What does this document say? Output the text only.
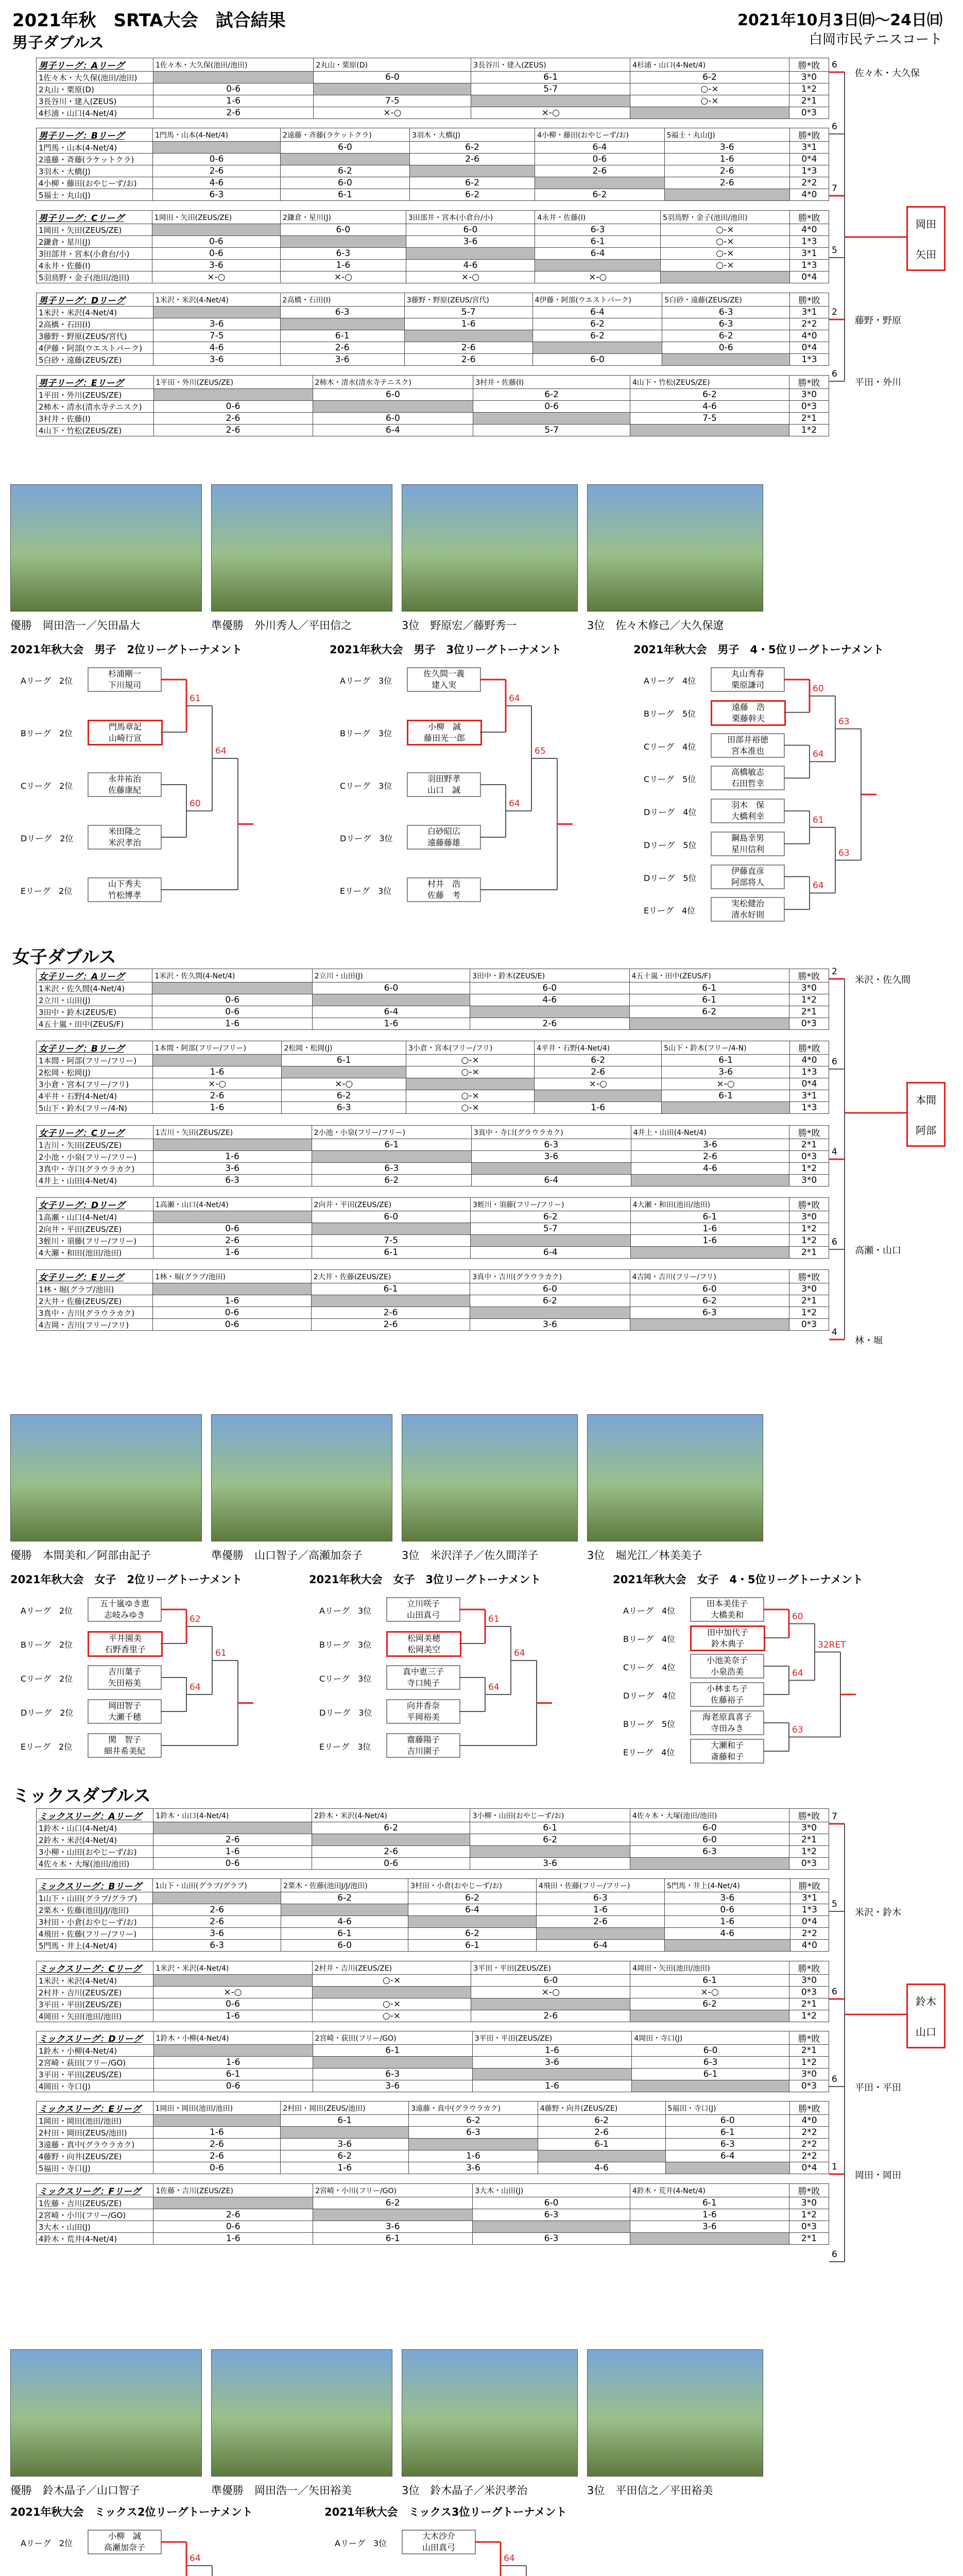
2021年秋　SRTA大会　試合結果
男子ダブルス
2021年10月3日㈰～24日㈰
白岡市民テニスコート
女子ダブルス
ミックスダブルス
男子リーグ：Aリーグ	1佐々木・大久保(池田/池田)	2丸山・栗原(D)	3長谷川・建入(ZEUS)	4杉浦・山口(4-Net/4)	勝*敗
1佐々木・大久保(池田/池田)		6-0	6-1	6-2	3*0
2丸山・栗原(D)	0-6		5-7	○-×	1*2
3長谷川・建入(ZEUS)	1-6	7-5		○-×	2*1
4杉浦・山口(4-Net/4)	2-6	×-○	×-○		0*3
男子リーグ：Bリーグ	1門馬・山本(4-Net/4)	2遠藤・斉藤(ラケットクラ)	3羽木・大橋(J)	4小柳・藤田(おやじーず/お)	5福士・丸山(J)	勝*敗
1門馬・山本(4-Net/4)		6-0	6-2	6-4	3-6	3*1
2遠藤・斉藤(ラケットクラ)	0-6		2-6	0-6	1-6	0*4
3羽木・大橋(J)	2-6	6-2		2-6	2-6	1*3
4小柳・藤田(おやじーず/お)	4-6	6-0	6-2		2-6	2*2
5福士・丸山(J)	6-3	6-1	6-2	6-2		4*0
男子リーグ：Cリーグ	1岡田・矢田(ZEUS/ZE)	2鎌倉・星川(J)	3田部井・宮本(小倉台/小)	4永井・佐藤(I)	5羽鳥野・金子(池田/池田)	勝*敗
1岡田・矢田(ZEUS/ZE)		6-0	6-0	6-3	○-×	4*0
2鎌倉・星川(J)	0-6		3-6	6-1	○-×	1*3
3田部井・宮本(小倉台/小)	0-6	6-3		6-4	○-×	3*1
4永井・佐藤(I)	3-6	1-6	4-6		○-×	1*3
5羽鳥野・金子(池田/池田)	×-○	×-○	×-○	×-○		0*4
男子リーグ：Dリーグ	1米沢・米沢(4-Net/4)	2高橋・石田(I)	3藤野・野原(ZEUS/宮代)	4伊藤・阿部(ウエストパーク)	5白砂・遠藤(ZEUS/ZE)	勝*敗
1米沢・米沢(4-Net/4)		6-3	5-7	6-4	6-3	3*1
2高橋・石田(I)	3-6		1-6	6-2	6-3	2*2
3藤野・野原(ZEUS/宮代)	7-5	6-1		6-2	6-2	4*0
4伊藤・阿部(ウエストパーク)	4-6	2-6	2-6		0-6	0*4
5白砂・遠藤(ZEUS/ZE)	3-6	3-6	2-6	6-0		1*3
男子リーグ：Eリーグ	1平田・外川(ZEUS/ZE)	2柿木・清水(清水寺テニスク)	3村井・佐藤(I)	4山下・竹松(ZEUS/ZE)	勝*敗
1平田・外川(ZEUS/ZE)		6-0	6-2	6-2	3*0
2柿木・清水(清水寺テニスク)	0-6		0-6	4-6	0*3
3村井・佐藤(I)	2-6	6-0		7-5	2*1
4山下・竹松(ZEUS/ZE)	2-6	6-4	5-7		1*2
女子リーグ：Aリーグ	1米沢・佐久間(4-Net/4)	2立川・山田(J)	3田中・鈴木(ZEUS/E)	4五十嵐・田中(ZEUS/F)	勝*敗
1米沢・佐久間(4-Net/4)		6-0	6-0	6-1	3*0
2立川・山田(J)	0-6		4-6	6-1	1*2
3田中・鈴木(ZEUS/E)	0-6	6-4		6-2	2*1
4五十嵐・田中(ZEUS/F)	1-6	1-6	2-6		0*3
女子リーグ：Bリーグ	1本間・阿部(フリー/フリー)	2松岡・松岡(J)	3小倉・宮本(フリー/フリ)	4平井・石野(4-Net/4)	5山下・鈴木(フリー/4-N)	勝*敗
1本間・阿部(フリー/フリー)		6-1	○-×	6-2	6-1	4*0
2松岡・松岡(J)	1-6		○-×	2-6	3-6	1*3
3小倉・宮本(フリー/フリ)	×-○	×-○		×-○	×-○	0*4
4平井・石野(4-Net/4)	2-6	6-2	○-×		6-1	3*1
5山下・鈴木(フリー/4-N)	1-6	6-3	○-×	1-6		1*3
女子リーグ：Cリーグ	1吉川・矢田(ZEUS/ZE)	2小池・小泉(フリー/フリー)	3真中・寺口(グラウラカク)	4井上・山田(4-Net/4)	勝*敗
1吉川・矢田(ZEUS/ZE)		6-1	6-3	3-6	2*1
2小池・小泉(フリー/フリー)	1-6		3-6	2-6	0*3
3真中・寺口(グラウラカク)	3-6	6-3		4-6	1*2
4井上・山田(4-Net/4)	6-3	6-2	6-4		3*0
女子リーグ：Dリーグ	1高瀬・山口(4-Net/4)	2向井・平田(ZEUS/ZE)	3蛭川・須藤(フリー/フリー)	4大瀬・和田(池田/池田)	勝*敗
1高瀬・山口(4-Net/4)		6-0	6-2	6-1	3*0
2向井・平田(ZEUS/ZE)	0-6		5-7	1-6	1*2
3蛭川・須藤(フリー/フリー)	2-6	7-5		1-6	1*2
4大瀬・和田(池田/池田)	1-6	6-1	6-4		2*1
女子リーグ：Eリーグ	1林・堀(グラブ/池田)	2大井・佐藤(ZEUS/ZE)	3真中・吉川(グラウラカク)	4吉岡・吉川(フリー/フリ)	勝*敗
1林・堀(グラブ/池田)		6-1	6-0	6-0	3*0
2大井・佐藤(ZEUS/ZE)	1-6		6-2	6-2	2*1
3真中・吉川(グラウラカク)	0-6	2-6		6-3	1*2
4吉岡・吉川(フリー/フリ)	0-6	2-6	3-6		0*3
ミックスリーグ：Aリーグ	1鈴木・山口(4-Net/4)	2鈴木・米沢(4-Net/4)	3小柳・山田(おやじーず/お)	4佐々木・大塚(池田/池田)	勝*敗
1鈴木・山口(4-Net/4)		6-2	6-1	6-0	3*0
2鈴木・米沢(4-Net/4)	2-6		6-2	6-0	2*1
3小柳・山田(おやじーず/お)	1-6	2-6		6-3	1*2
4佐々木・大塚(池田/池田)	0-6	0-6	3-6		0*3
ミックスリーグ：Bリーグ	1山下・山田(グラブ/グラブ)	2栗木・佐藤(池田J/J/池田)	3村田・小倉(おやじーず/お)	4飛田・佐藤(フリー/フリー)	5門馬・井上(4-Net/4)	勝*敗
1山下・山田(グラブ/グラブ)		6-2	6-2	6-3	3-6	3*1
2栗木・佐藤(池田J/J/池田)	2-6		6-4	1-6	0-6	1*3
3村田・小倉(おやじーず/お)	2-6	4-6		2-6	1-6	0*4
4飛田・佐藤(フリー/フリー)	3-6	6-1	6-2		4-6	2*2
5門馬・井上(4-Net/4)	6-3	6-0	6-1	6-4		4*0
ミックスリーグ：Cリーグ	1米沢・米沢(4-Net/4)	2村井・吉川(ZEUS/ZE)	3平田・平田(ZEUS/ZE)	4岡田・矢田(池田/池田)	勝*敗
1米沢・米沢(4-Net/4)		○-×	6-0	6-1	3*0
2村井・吉川(ZEUS/ZE)	×-○		×-○	×-○	0*3
3平田・平田(ZEUS/ZE)	0-6	○-×		6-2	2*1
4岡田・矢田(池田/池田)	1-6	○-×	2-6		1*2
ミックスリーグ：Dリーグ	1鈴木・小柳(4-Net/4)	2宮崎・荻田(フリー/GO)	3平田・平田(ZEUS/ZE)	4岡田・寺口(J)	勝*敗
1鈴木・小柳(4-Net/4)		6-1	1-6	6-0	2*1
2宮崎・荻田(フリー/GO)	1-6		3-6	6-3	1*2
3平田・平田(ZEUS/ZE)	6-1	6-3		6-1	3*0
4岡田・寺口(J)	0-6	3-6	1-6		0*3
ミックスリーグ：Eリーグ	1岡田・岡田(池田/池田)	2村田・岡田(ZEUS/池田)	3遠藤・真中(グラウラカク)	4藤野・向井(ZEUS/ZE)	5福田・寺口(J)	勝*敗
1岡田・岡田(池田/池田)		6-1	6-2	6-2	6-0	4*0
2村田・岡田(ZEUS/池田)	1-6		6-3	2-6	6-1	2*2
3遠藤・真中(グラウラカク)	2-6	3-6		6-1	6-3	2*2
4藤野・向井(ZEUS/ZE)	2-6	6-2	1-6		6-4	2*2
5福田・寺口(J)	0-6	1-6	3-6	4-6		0*4
ミックスリーグ：Fリーグ	1佐藤・吉川(ZEUS/ZE)	2宮崎・小川(フリー/GO)	3大木・山田(J)	4鈴木・荒井(4-Net/4)	勝*敗
1佐藤・吉川(ZEUS/ZE)		6-2	6-0	6-1	3*0
2宮崎・小川(フリー/GO)	2-6		6-3	1-6	1*2
3大木・山田(J)	0-6	3-6		3-6	0*3
4鈴木・荒井(4-Net/4)	1-6	6-1	6-3		2*1
優勝　岡田浩一／矢田晶大	準優勝　外川秀人／平田信之	3位　野原宏／藤野秀一	3位　佐々木修己／大久保遼
優勝　本間美和／阿部由記子	準優勝　山口智子／高瀬加奈子	3位　米沢洋子／佐久間洋子	3位　堀光江／林美美子
優勝　鈴木晶子／山口智子	準優勝　岡田浩一／矢田裕美	3位　鈴木晶子／米沢孝治	3位　平田信之／平田裕美
2021年秋大会　男子　2位リーグトーナメント
Aリーグ　2位
杉浦剛一
下川規司
Bリーグ　2位
門馬章記
山崎行宣
Cリーグ　2位
永井祐治
佐藤康紀
Dリーグ　2位
米田隆之
米沢孝治
Eリーグ　2位
山下秀夫
竹松博孝
61
60
64
2021年秋大会　男子　3位リーグトーナメント
Aリーグ　3位
佐久間一義
建入実
Bリーグ　3位
小柳　誠
藤田光一郎
Cリーグ　3位
羽田野孝
山口　誠
Dリーグ　3位
白砂昭広
遠藤藤雄
Eリーグ　3位
村井　浩
佐藤　考
64
64
65
2021年秋大会　男子　4・5位リーグトーナメント
Aリーグ　4位
丸山秀春
栗原謙司
Bリーグ　5位
遠藤　浩
栗藤幹夫
Cリーグ　4位
田部井裕徳
宮本准也
Cリーグ　5位
高橋敏志
石田哲幸
Dリーグ　4位
羽木　保
大橋利幸
Dリーグ　5位
鋼島幸男
星川信利
Dリーグ　5位
伊藤直彦
阿部将人
Eリーグ　4位
実松健治
清水好則
60
64
61
64
63
63
2021年秋大会　女子　2位リーグトーナメント
Aリーグ　2位
五十嵐ゆき恵
志岐みゆき
Bリーグ　2位
平井園美
石野香里子
Cリーグ　2位
吉川葉子
矢田裕美
Dリーグ　2位
岡田智子
大瀬千穂
Eリーグ　2位
関　智子
細井希美紀
62
64
61
2021年秋大会　女子　3位リーグトーナメント
Aリーグ　3位
立川咲子
山田真弓
Bリーグ　3位
松岡美穂
松岡美空
Cリーグ　3位
真中恵三子
寺口純子
Dリーグ　3位
向井香奈
平岡裕美
Eリーグ　3位
齋藤陽子
吉川園子
61
64
64
2021年秋大会　女子　4・5位リーグトーナメント
Aリーグ　4位
田本美佳子
大橋美和
Bリーグ　4位
田中加代子
鈴木典子
Cリーグ　4位
小池美奈子
小泉浩美
Dリーグ　4位
小林まち子
佐藤裕子
Bリーグ　5位
海老原真喜子
寺田みき
Eリーグ　4位
大瀬和子
斎藤和子
60
64
63
32RET
2021年秋大会　ミックス2位リーグトーナメント
Aリーグ　2位
小柳　誠
高瀬加奈子
64
2021年秋大会　ミックス3位リーグトーナメント
Aリーグ　3位
大木沙介
山田真弓
64
佐々木・大久保
6
6
7
5
藤野・野原
2
平田・外川
6
岡田
矢田
米沢・佐久間
2
6
4
高瀬・山口
6
林・堀
4
本間
阿部
7
米沢・鈴木
5
6
平田・平田
6
岡田・岡田
1
6
鈴木
山口
